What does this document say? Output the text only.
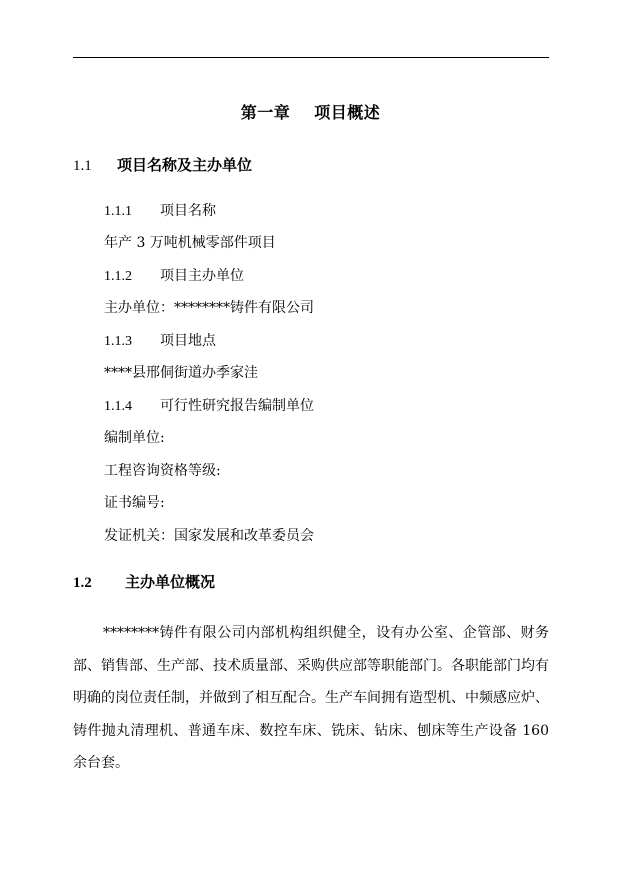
第一章 项目概述
1.1 项目名称及主办单位
1.1.1 项目名称
年产 3 万吨机械零部件项目
1.1.2 项目主办单位
主办单位：********铸件有限公司
1.1.3 项目地点
****县邢侗街道办季家洼
1.1.4 可行性研究报告编制单位
编制单位:
工程咨询资格等级:
证书编号:
发证机关：国家发展和改革委员会
1.2 主办单位概况
********铸件有限公司内部机构组织健全，设有办公室、企管部、财务部、销售部、生产部、技术质量部、采购供应部等职能部门。各职能部门均有明确的岗位责任制，并做到了相互配合。生产车间拥有造型机、中频感应炉、铸件抛丸清理机、普通车床、数控车床、铣床、钻床、刨床等生产设备 160 余台套。
